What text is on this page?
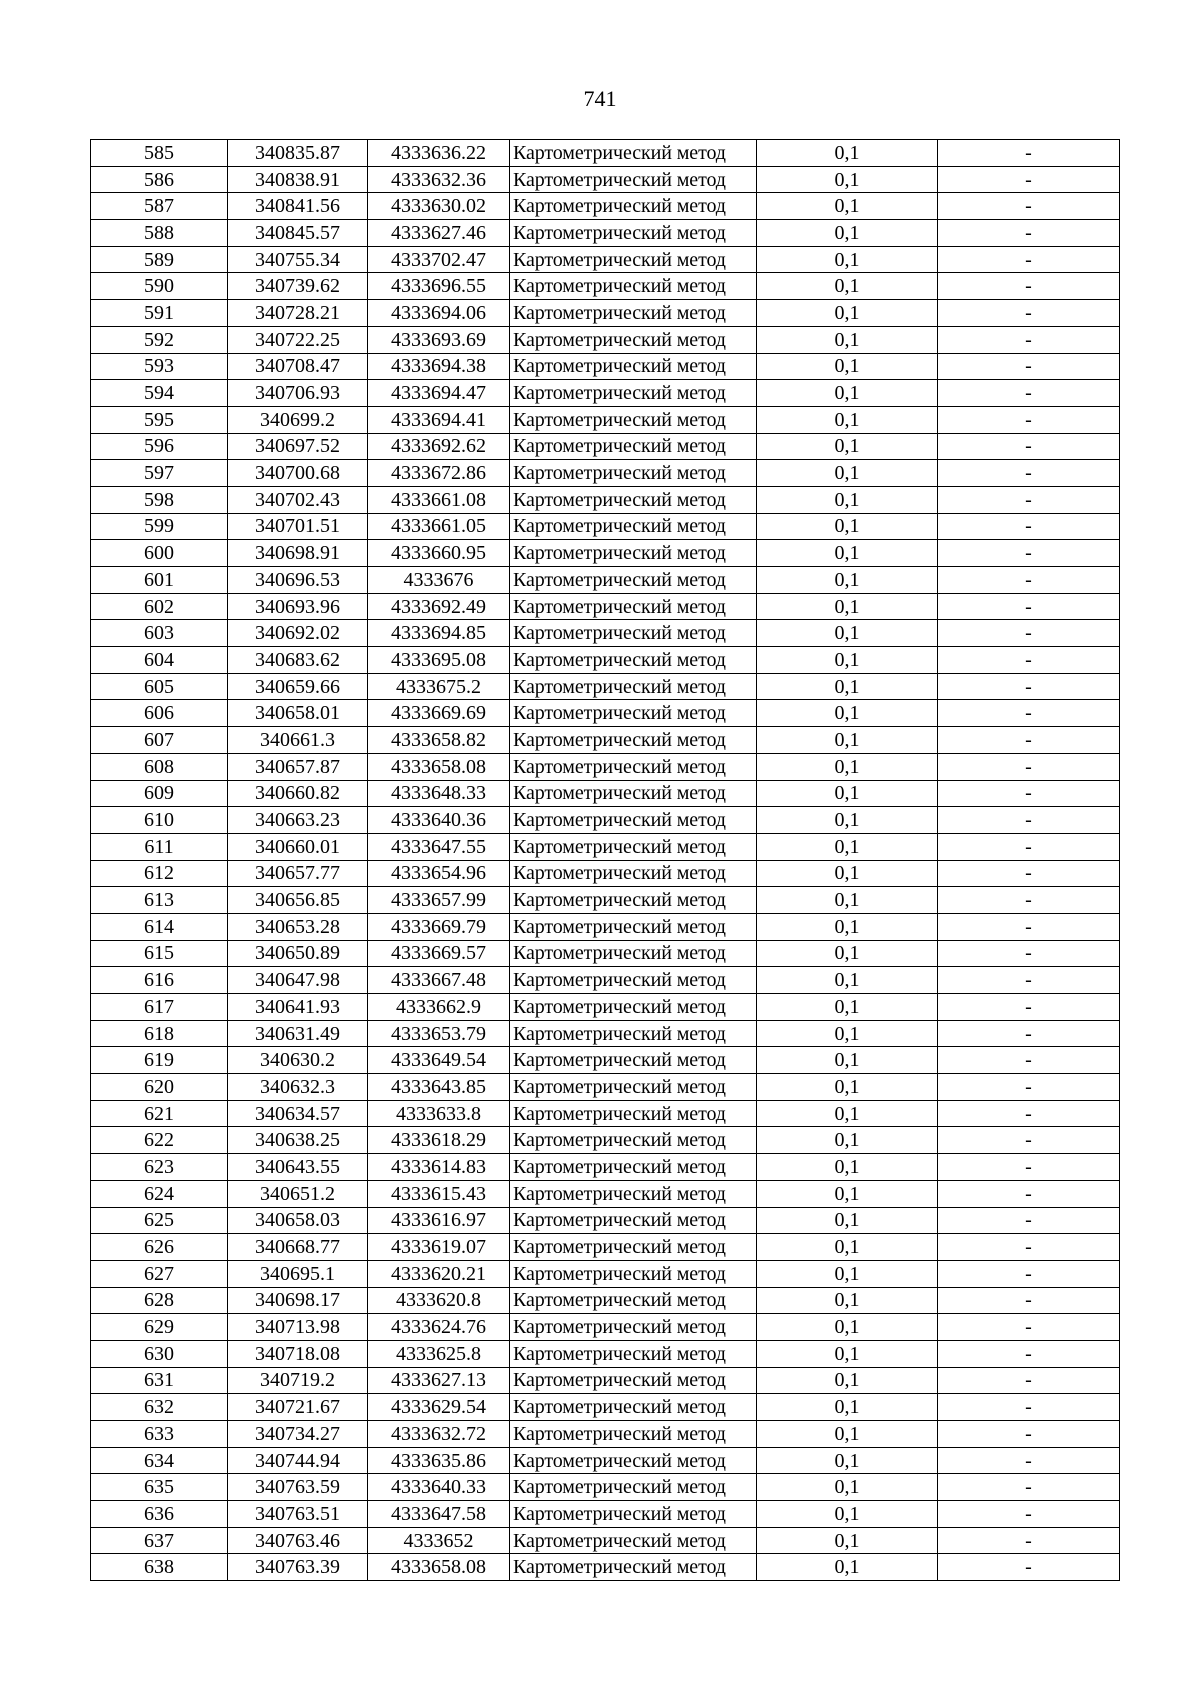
741
585	340835.87	4333636.22	Картометрический метод	0,1	-
586	340838.91	4333632.36	Картометрический метод	0,1	-
587	340841.56	4333630.02	Картометрический метод	0,1	-
588	340845.57	4333627.46	Картометрический метод	0,1	-
589	340755.34	4333702.47	Картометрический метод	0,1	-
590	340739.62	4333696.55	Картометрический метод	0,1	-
591	340728.21	4333694.06	Картометрический метод	0,1	-
592	340722.25	4333693.69	Картометрический метод	0,1	-
593	340708.47	4333694.38	Картометрический метод	0,1	-
594	340706.93	4333694.47	Картометрический метод	0,1	-
595	340699.2	4333694.41	Картометрический метод	0,1	-
596	340697.52	4333692.62	Картометрический метод	0,1	-
597	340700.68	4333672.86	Картометрический метод	0,1	-
598	340702.43	4333661.08	Картометрический метод	0,1	-
599	340701.51	4333661.05	Картометрический метод	0,1	-
600	340698.91	4333660.95	Картометрический метод	0,1	-
601	340696.53	4333676	Картометрический метод	0,1	-
602	340693.96	4333692.49	Картометрический метод	0,1	-
603	340692.02	4333694.85	Картометрический метод	0,1	-
604	340683.62	4333695.08	Картометрический метод	0,1	-
605	340659.66	4333675.2	Картометрический метод	0,1	-
606	340658.01	4333669.69	Картометрический метод	0,1	-
607	340661.3	4333658.82	Картометрический метод	0,1	-
608	340657.87	4333658.08	Картометрический метод	0,1	-
609	340660.82	4333648.33	Картометрический метод	0,1	-
610	340663.23	4333640.36	Картометрический метод	0,1	-
611	340660.01	4333647.55	Картометрический метод	0,1	-
612	340657.77	4333654.96	Картометрический метод	0,1	-
613	340656.85	4333657.99	Картометрический метод	0,1	-
614	340653.28	4333669.79	Картометрический метод	0,1	-
615	340650.89	4333669.57	Картометрический метод	0,1	-
616	340647.98	4333667.48	Картометрический метод	0,1	-
617	340641.93	4333662.9	Картометрический метод	0,1	-
618	340631.49	4333653.79	Картометрический метод	0,1	-
619	340630.2	4333649.54	Картометрический метод	0,1	-
620	340632.3	4333643.85	Картометрический метод	0,1	-
621	340634.57	4333633.8	Картометрический метод	0,1	-
622	340638.25	4333618.29	Картометрический метод	0,1	-
623	340643.55	4333614.83	Картометрический метод	0,1	-
624	340651.2	4333615.43	Картометрический метод	0,1	-
625	340658.03	4333616.97	Картометрический метод	0,1	-
626	340668.77	4333619.07	Картометрический метод	0,1	-
627	340695.1	4333620.21	Картометрический метод	0,1	-
628	340698.17	4333620.8	Картометрический метод	0,1	-
629	340713.98	4333624.76	Картометрический метод	0,1	-
630	340718.08	4333625.8	Картометрический метод	0,1	-
631	340719.2	4333627.13	Картометрический метод	0,1	-
632	340721.67	4333629.54	Картометрический метод	0,1	-
633	340734.27	4333632.72	Картометрический метод	0,1	-
634	340744.94	4333635.86	Картометрический метод	0,1	-
635	340763.59	4333640.33	Картометрический метод	0,1	-
636	340763.51	4333647.58	Картометрический метод	0,1	-
637	340763.46	4333652	Картометрический метод	0,1	-
638	340763.39	4333658.08	Картометрический метод	0,1	-
